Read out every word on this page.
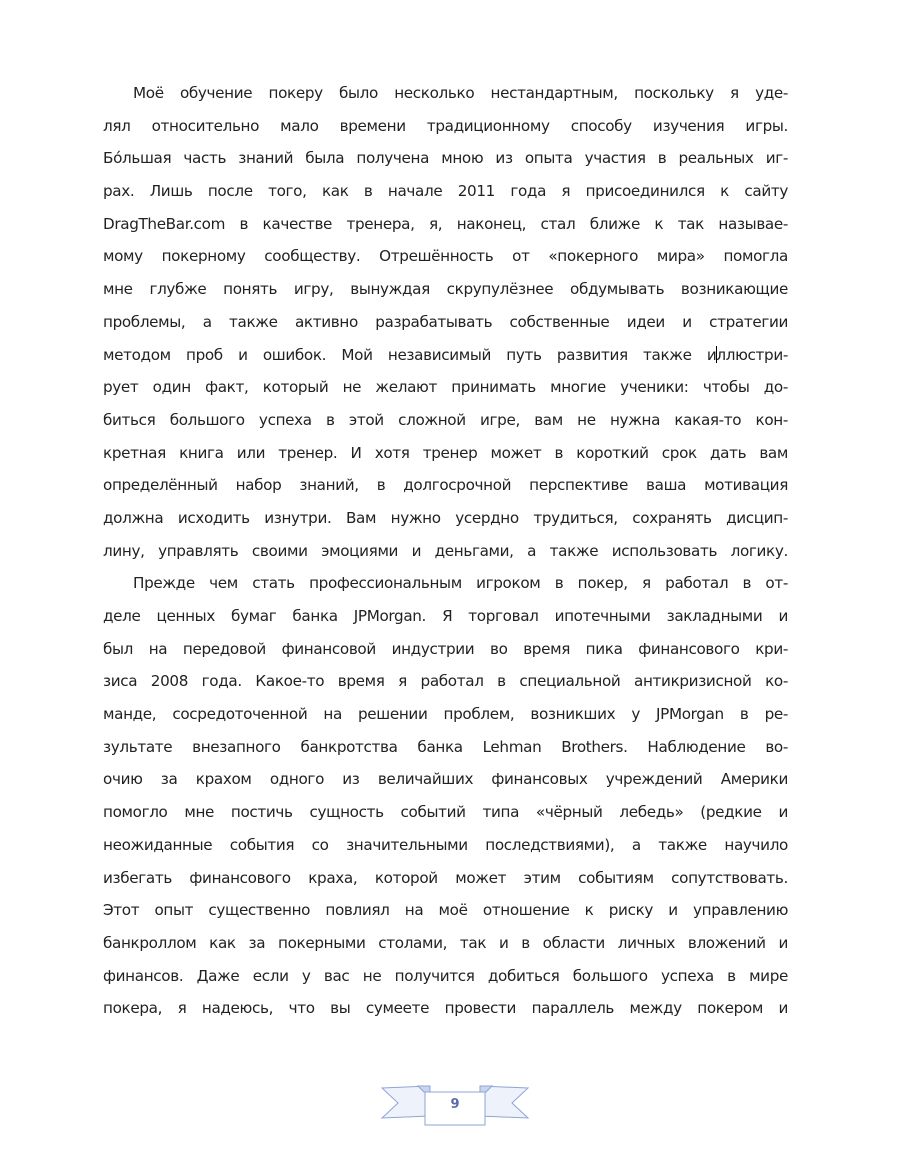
Моё обучение покеру было несколько нестандартным, поскольку я уде-
лял относительно мало времени традиционному способу изучения игры.
Бóльшая часть знаний была получена мною из опыта участия в реальных иг-
рах. Лишь после того, как в начале 2011 года я присоединился к сайту
DragTheBar.com в качестве тренера, я, наконец, стал ближе к так называе-
мому покерному сообществу. Отрешённость от «покерного мира» помогла
мне глубже понять игру, вынуждая скрупулёзнее обдумывать возникающие
проблемы, а также активно разрабатывать собственные идеи и стратегии
методом проб и ошибок. Мой независимый путь развития также иллюстри-
рует один факт, который не желают принимать многие ученики: чтобы до-
биться большого успеха в этой сложной игре, вам не нужна какая-то кон-
кретная книга или тренер. И хотя тренер может в короткий срок дать вам
определённый набор знаний, в долгосрочной перспективе ваша мотивация
должна исходить изнутри. Вам нужно усердно трудиться, сохранять дисцип-
лину, управлять своими эмоциями и деньгами, а также использовать логику.
Прежде чем стать профессиональным игроком в покер, я работал в от-
деле ценных бумаг банка JPMorgan. Я торговал ипотечными закладными и
был на передовой финансовой индустрии во время пика финансового кри-
зиса 2008 года. Какое-то время я работал в специальной антикризисной ко-
манде, сосредоточенной на решении проблем, возникших у JPMorgan в ре-
зультате внезапного банкротства банка Lehman Brothers. Наблюдение во-
очию за крахом одного из величайших финансовых учреждений Америки
помогло мне постичь сущность событий типа «чёрный лебедь» (редкие и
неожиданные события со значительными последствиями), а также научило
избегать финансового краха, которой может этим событиям сопутствовать.
Этот опыт существенно повлиял на моё отношение к риску и управлению
банкроллом как за покерными столами, так и в области личных вложений и
финансов. Даже если у вас не получится добиться большого успеха в мире
покера, я надеюсь, что вы сумеете провести параллель между покером и
9
